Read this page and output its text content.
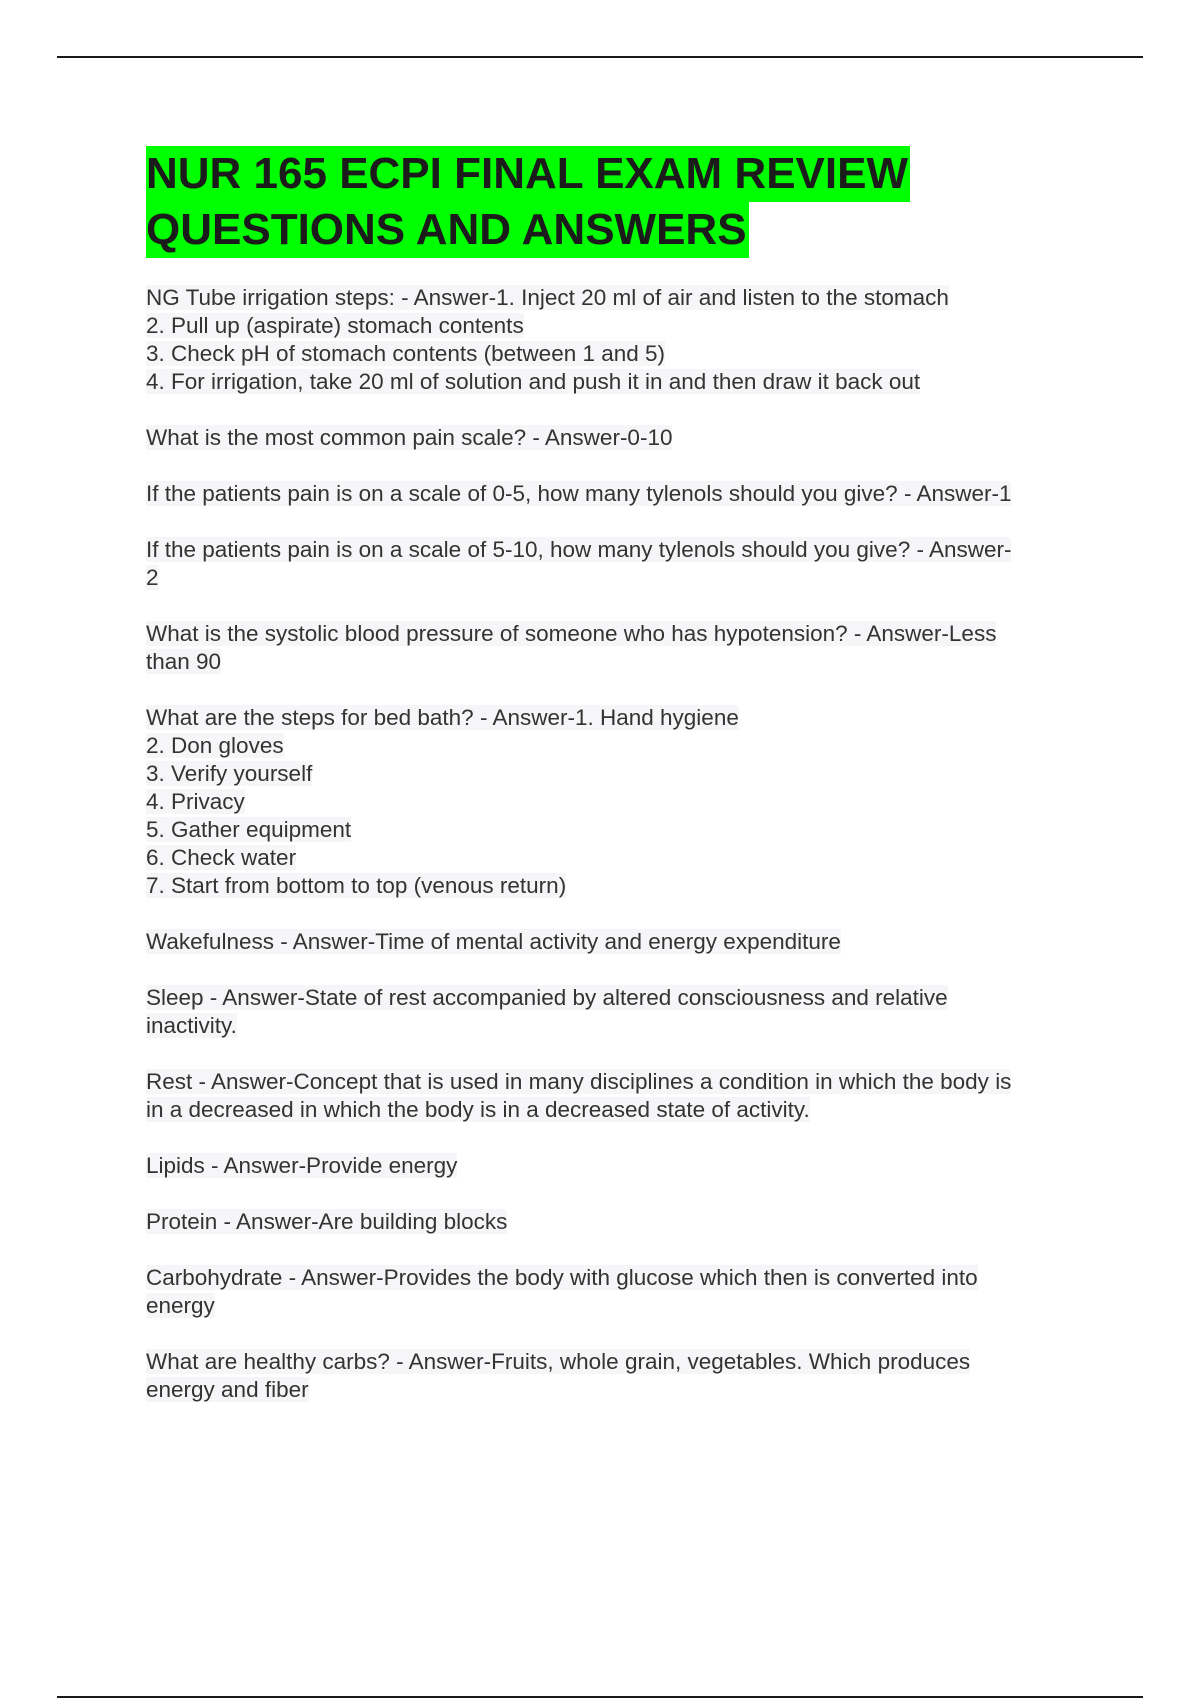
NUR 165 ECPI FINAL EXAM REVIEW
QUESTIONS AND ANSWERS
NG Tube irrigation steps: - Answer-1. Inject 20 ml of air and listen to the stomach
2. Pull up (aspirate) stomach contents
3. Check pH of stomach contents (between 1 and 5)
4. For irrigation, take 20 ml of solution and push it in and then draw it back out
What is the most common pain scale? - Answer-0-10
If the patients pain is on a scale of 0-5, how many tylenols should you give? - Answer-1
If the patients pain is on a scale of 5-10, how many tylenols should you give? - Answer-
2
What is the systolic blood pressure of someone who has hypotension? - Answer-Less
than 90
What are the steps for bed bath? - Answer-1. Hand hygiene
2. Don gloves
3. Verify yourself
4. Privacy
5. Gather equipment
6. Check water
7. Start from bottom to top (venous return)
Wakefulness - Answer-Time of mental activity and energy expenditure
Sleep - Answer-State of rest accompanied by altered consciousness and relative
inactivity.
Rest - Answer-Concept that is used in many disciplines a condition in which the body is
in a decreased in which the body is in a decreased state of activity.
Lipids - Answer-Provide energy
Protein - Answer-Are building blocks
Carbohydrate - Answer-Provides the body with glucose which then is converted into
energy
What are healthy carbs? - Answer-Fruits, whole grain, vegetables. Which produces
energy and fiber
